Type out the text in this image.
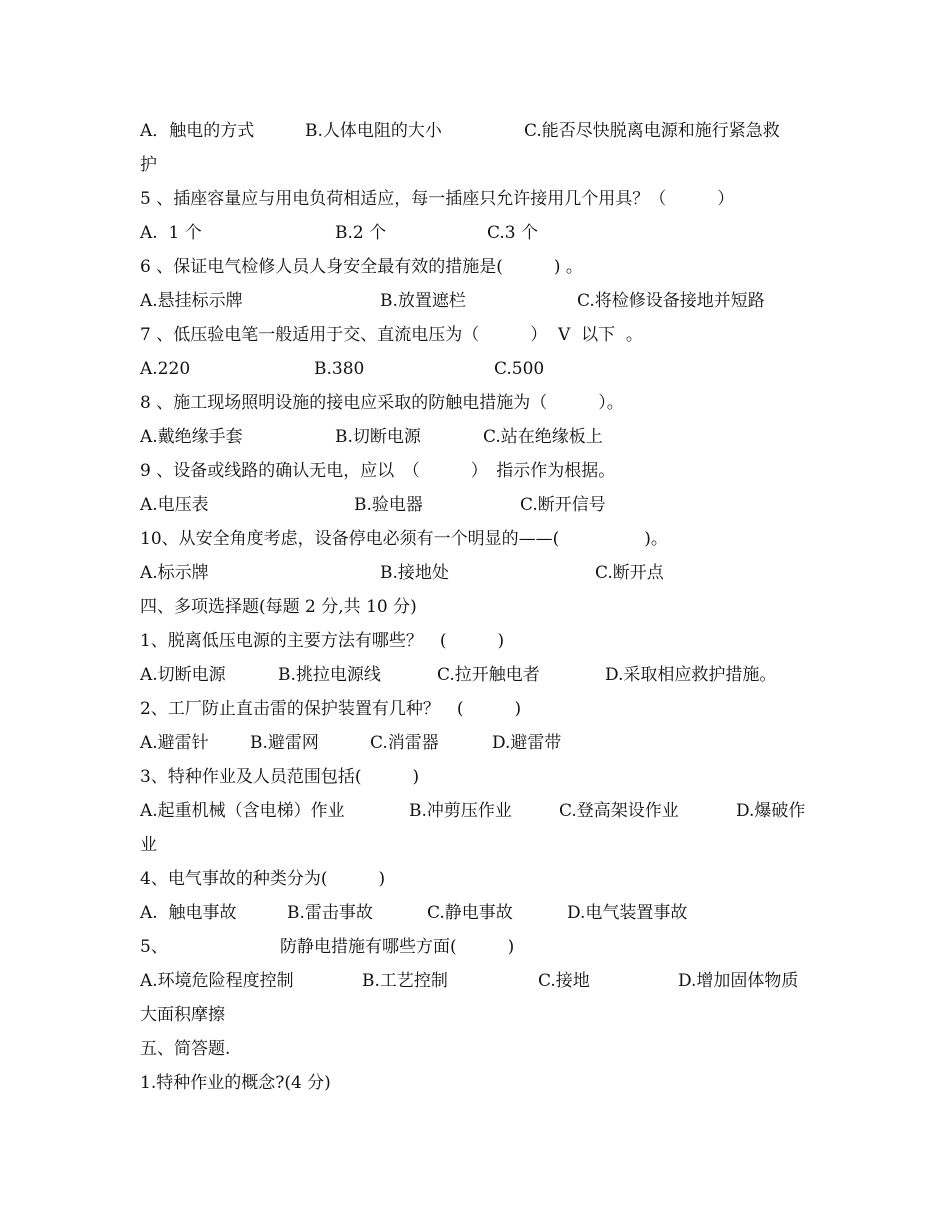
A．触电的方式	B.人体电阻的大小	C.能否尽快脱离电源和施行紧急救
护
5 、插座容量应与用电负荷相适应，每一插座只允许接用几个用具？（　　　）
A.  1 个	B.2 个	C.3 个
6 、保证电气检修人员人身安全最有效的措施是(　　　) 。
A.悬挂标示牌	B.放置遮栏	C.将检修设备接地并短路
7 、低压验电笔一般适用于交、直流电压为（　　　）  V  以下  。
A.220	B.380	C.500
8 、施工现场照明设施的接电应采取的防触电措施为（　　　）。
A.戴绝缘手套	B.切断电源	C.站在绝缘板上
9 、设备或线路的确认无电，应以　（　　　）　指示作为根据。
A.电压表	B.验电器	C.断开信号
10、从安全角度考虑，设备停电必须有一个明显的——(　　　　　)。
A.标示牌	B.接地处	C.断开点
四、多项选择题(每题 2 分,共 10 分)
1、脱离低压电源的主要方法有哪些？　(　　　)
A.切断电源	B.挑拉电源线	C.拉开触电者	D.采取相应救护措施。
2、工厂防止直击雷的保护装置有几种？　(　　　)
A.避雷针 B.避雷网	C.消雷器	D.避雷带
3、特种作业及人员范围包括(　　　)
A.起重机械（含电梯）作业	B.冲剪压作业	C.登高架设作业	D.爆破作
业
4、电气事故的种类分为(　　　)
A.  触电事故	B.雷击事故	C.静电事故	D.电气装置事故
5、	防静电措施有哪些方面(　　　)
A.环境危险程度控制	B.工艺控制	C.接地	D.增加固体物质
大面积摩擦
五、简答题.
1.特种作业的概念?(4 分)
